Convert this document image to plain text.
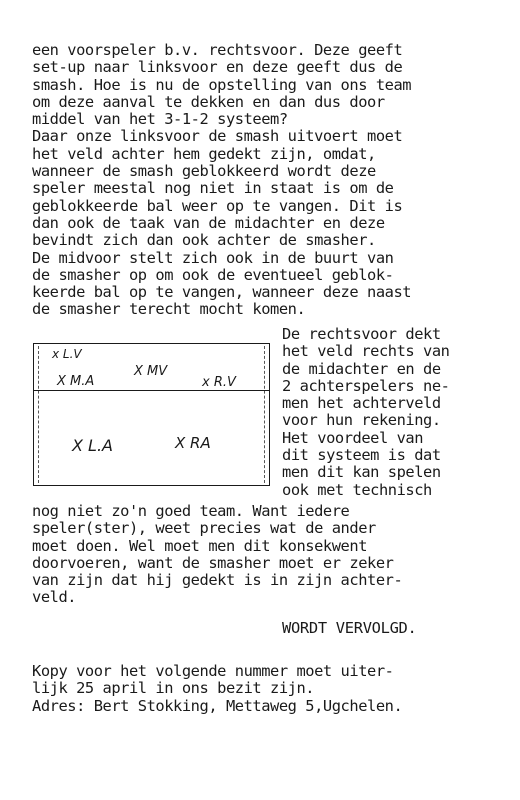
een voorspeler b.v. rechtsvoor. Deze geeft
set-up naar linksvoor en deze geeft dus de
smash. Hoe is nu de opstelling van ons team
om deze aanval te dekken en dan dus door
middel van het 3-1-2 systeem?
Daar onze linksvoor de smash uitvoert moet
het veld achter hem gedekt zijn, omdat,
wanneer de smash geblokkeerd wordt deze
speler meestal nog niet in staat is om de
geblokkeerde bal weer op te vangen. Dit is
dan ook de taak van de midachter en deze
bevindt zich dan ook achter de smasher.
De midvoor stelt zich ook in de buurt van
de smasher op om ook de eventueel geblok-
keerde bal op te vangen, wanneer deze naast
de smasher terecht mocht komen.
x L.V
X MV
X M.A	x R.V
X L.A	X RA
De rechtsvoor dekt
het veld rechts van
de midachter en de
2 achterspelers ne-
men het achterveld
voor hun rekening.
Het voordeel van
dit systeem is dat
men dit kan spelen
ook met technisch
nog niet zo'n goed team. Want iedere
speler(ster), weet precies wat de ander
moet doen. Wel moet men dit konsekwent
doorvoeren, want de smasher moet er zeker
van zijn dat hij gedekt is in zijn achter-
veld.
WORDT VERVOLGD.
Kopy voor het volgende nummer moet uiter-
lijk 25 april in ons bezit zijn.
Adres: Bert Stokking, Mettaweg 5,Ugchelen.
